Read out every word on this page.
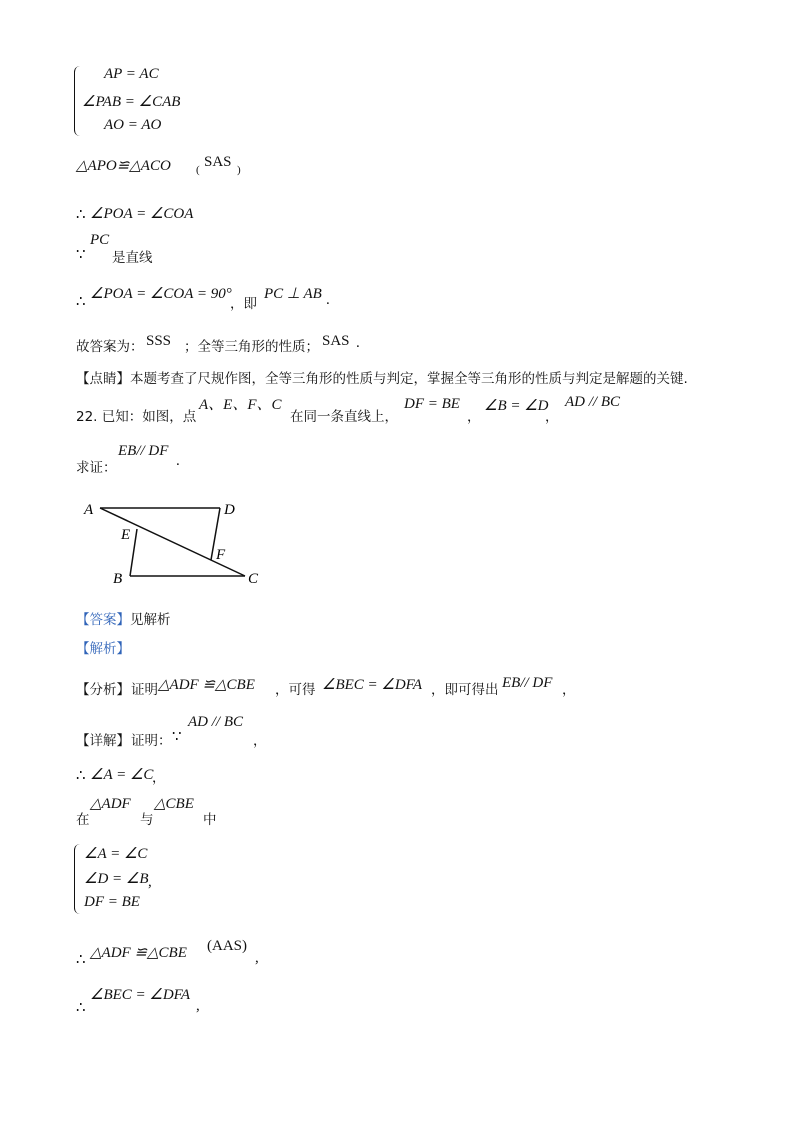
AP = AC
∠PAB = ∠CAB
AO = AO
△APO≌△ACO ( SAS )
∴ ∠POA = ∠COA
∵
PC
是直线
∴ ∠POA = ∠COA = 90°
，即
PC ⊥ AB .
故答案为： SSS ；全等三角形的性质； SAS .
【点睛】本题考查了尺规作图，全等三角形的性质与判定，掌握全等三角形的性质与判定是解题的关键.
22. 已知：如图，点
A、E、F、C
在同一条直线上，
DF = BE
，
∠B = ∠D
，
AD // BC
求证：
EB// DF
.
A	D
E
F
B	C
【答案】 见解析
【解析】
【分析】 证明 △ADF ≌△CBE ，可得 ∠BEC = ∠DFA ，即可得出 EB// DF ，
【详解】 证明： ∵
AD // BC
，
∴ ∠A = ∠C
，
在
△ADF
与
△CBE
中
∠A = ∠C
∠D = ∠B ,
DF = BE
∴ △ADF ≌△CBE (AAS)
,
∴
∠BEC = ∠DFA
,
